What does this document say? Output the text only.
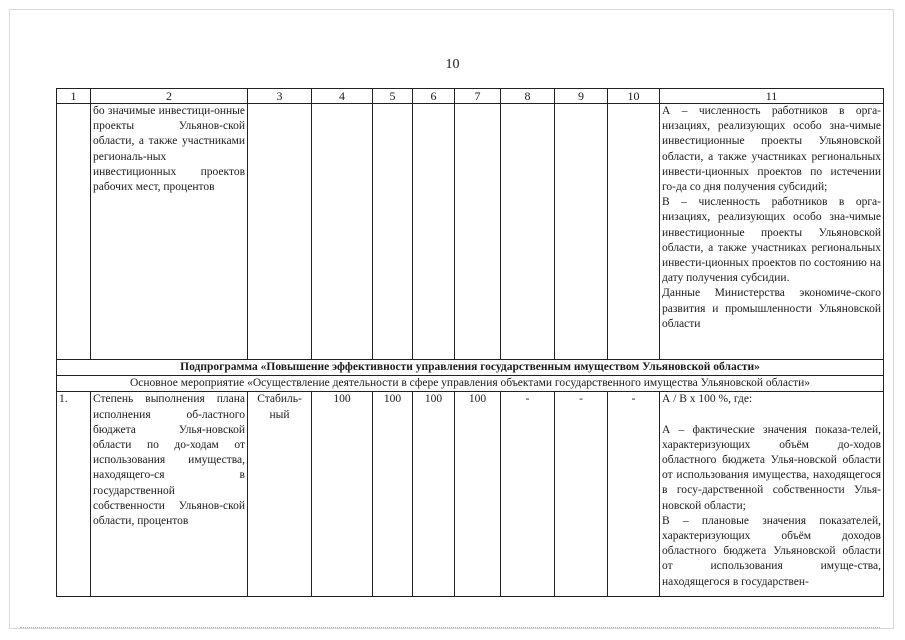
10
1	2	3	4	5	6	7	8	9	10	11
	бо значимые инвестици-онные проекты Ульянов-ской области, а также участниками региональ-ных инвестиционных проектов рабочих мест, процентов									А – численность работников в орга-низациях, реализующих особо зна-чимые инвестиционные проекты Ульяновской области, а также участниках региональных инвести-ционных проектов по истечении го-да со дня получения субсидий;

В – численность работников в орга-низациях, реализующих особо зна-чимые инвестиционные проекты Ульяновской области, а также участниках региональных инвести-ционных проектов по состоянию на дату получения субсидии.

Данные Министерства экономиче-ского развития и промышленности Ульяновской области

Подпрограмма «Повышение эффективности управления государственным имуществом Ульяновской области»										
Основное мероприятие «Осуществление деятельности в сфере управления объектами государственного имущества Ульяновской области»										
1.	Степень выполнения плана исполнения об-ластного бюджета Улья-новской области по до-ходам от использования имущества, находящего-ся в государственной собственности Ульянов-ской области, процентов	Стабиль-ный	100	100	100	100	-	-	-	А / В x 100 %, где:

А – фактические значения показа-телей, характеризующих объём до-ходов областного бюджета Улья-новской области от использования имущества, находящегося в госу-дарственной собственности Улья-новской области;

В – плановые значения показателей, характеризующих объём доходов областного бюджета Ульяновской области от использования имуще-ства, находящегося в государствен-
